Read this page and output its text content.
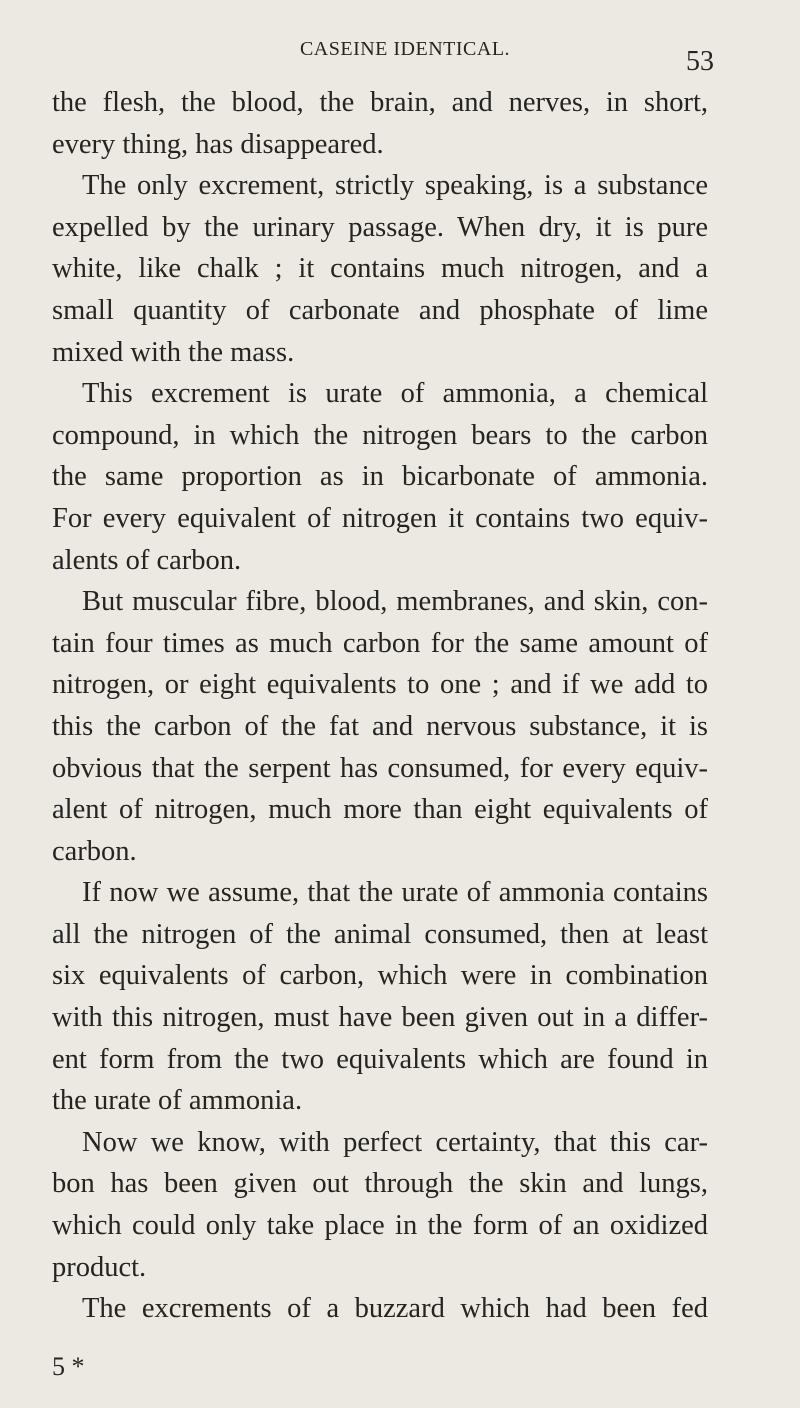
CASEINE IDENTICAL.	53
the flesh, the blood, the brain, and nerves, in short,
every thing, has disappeared.
The only excrement, strictly speaking, is a substance
expelled by the urinary passage. When dry, it is pure
white, like chalk ; it contains much nitrogen, and a
small quantity of carbonate and phosphate of lime
mixed with the mass.
This excrement is urate of ammonia, a chemical
compound, in which the nitrogen bears to the carbon
the same proportion as in bicarbonate of ammonia.
For every equivalent of nitrogen it contains two equiv-
alents of carbon.
But muscular fibre, blood, membranes, and skin, con-
tain four times as much carbon for the same amount of
nitrogen, or eight equivalents to one ; and if we add to
this the carbon of the fat and nervous substance, it is
obvious that the serpent has consumed, for every equiv-
alent of nitrogen, much more than eight equivalents of
carbon.
If now we assume, that the urate of ammonia contains
all the nitrogen of the animal consumed, then at least
six equivalents of carbon, which were in combination
with this nitrogen, must have been given out in a differ-
ent form from the two equivalents which are found in
the urate of ammonia.
Now we know, with perfect certainty, that this car-
bon has been given out through the skin and lungs,
which could only take place in the form of an oxidized
product.
The excrements of a buzzard which had been fed
5 *
